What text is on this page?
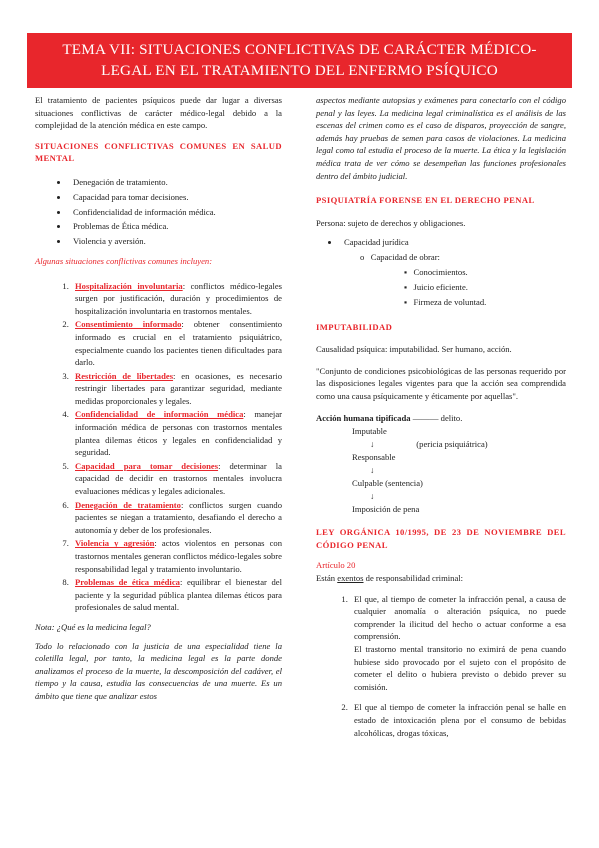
TEMA VII: SITUACIONES CONFLICTIVAS DE CARÁCTER MÉDICO-
LEGAL EN EL TRATAMIENTO DEL ENFERMO PSÍQUICO
El tratamiento de pacientes psíquicos puede dar lugar a diversas situaciones conflictivas de carácter médico-legal debido a la complejidad de la atención médica en este campo.
SITUACIONES CONFLICTIVAS COMUNES EN SALUD MENTAL
• Denegación de tratamiento.
• Capacidad para tomar decisiones.
• Confidencialidad de información médica.
• Problemas de Ética médica.
• Violencia y aversión.
Algunas situaciones conflictivas comunes incluyen:
1. Hospitalización involuntaria: conflictos médico-legales surgen por justificación, duración y procedimientos de hospitalización involuntaria en trastornos mentales.
2. Consentimiento informado: obtener consentimiento informado es crucial en el tratamiento psiquiátrico, especialmente cuando los pacientes tienen dificultades para darlo.
3. Restricción de libertades: en ocasiones, es necesario restringir libertades para garantizar seguridad, mediante medidas proporcionales y legales.
4. Confidencialidad de información médica: manejar información médica de personas con trastornos mentales plantea dilemas éticos y legales en confidencialidad y seguridad.
5. Capacidad para tomar decisiones: determinar la capacidad de decidir en trastornos mentales involucra evaluaciones médicas y legales adicionales.
6. Denegación de tratamiento: conflictos surgen cuando pacientes se niegan a tratamiento, desafiando el derecho a autonomía y deber de los profesionales.
7. Violencia y agresión: actos violentos en personas con trastornos mentales generan conflictos médico-legales sobre responsabilidad legal y tratamiento involuntario.
8. Problemas de ética médica: equilibrar el bienestar del paciente y la seguridad pública plantea dilemas éticos para profesionales de salud mental.
Nota: ¿Qué es la medicina legal?
Todo lo relacionado con la justicia de una especialidad tiene la coletilla legal, por tanto, la medicina legal es la parte donde analizamos el proceso de la muerte, la descomposición del cadáver, el tiempo y la causa, estudia las consecuencias de una muerte. Es un ámbito que tiene que analizar estos
aspectos mediante autopsias y exámenes para conectarlo con el código penal y las leyes. La medicina legal criminalística es el análisis de las escenas del crimen como es el caso de disparos, proyección de sangre, además hay pruebas de semen para casos de violaciones. La medicina legal como tal estudia el proceso de la muerte. La ética y la legislación médica trata de ver cómo se desempeñan las funciones profesionales dentro del ámbito judicial.
PSIQUIATRÍA FORENSE EN EL DERECHO PENAL
Persona: sujeto de derechos y obligaciones.
• Capacidad jurídica
o Capacidad de obrar:
▪ Conocimientos.
▪ Juicio eficiente.
▪ Firmeza de voluntad.
IMPUTABILIDAD
Causalidad psíquica: imputabilidad. Ser humano, acción.
"Conjunto de condiciones psicobiológicas de las personas requerido por las disposiciones legales vigentes para que la acción sea comprendida como una causa psíquicamente y éticamente por aquellas".
Acción humana tipificada ——— delito.
Imputable
↓	(pericia psiquiátrica)
Responsable
↓
Culpable (sentencia)
↓
Imposición de pena
LEY ORGÁNICA 10/1995, DE 23 DE NOVIEMBRE DEL CÓDIGO PENAL
Artículo 20
Están exentos de responsabilidad criminal:
1. El que, al tiempo de cometer la infracción penal, a causa de cualquier anomalía o alteración psíquica, no puede comprender la ilicitud del hecho o actuar conforme a esa comprensión.
El trastorno mental transitorio no eximirá de pena cuando hubiese sido provocado por el sujeto con el propósito de cometer el delito o hubiera previsto o debido prever su comisión.
2. El que al tiempo de cometer la infracción penal se halle en estado de intoxicación plena por el consumo de bebidas alcohólicas, drogas tóxicas,
